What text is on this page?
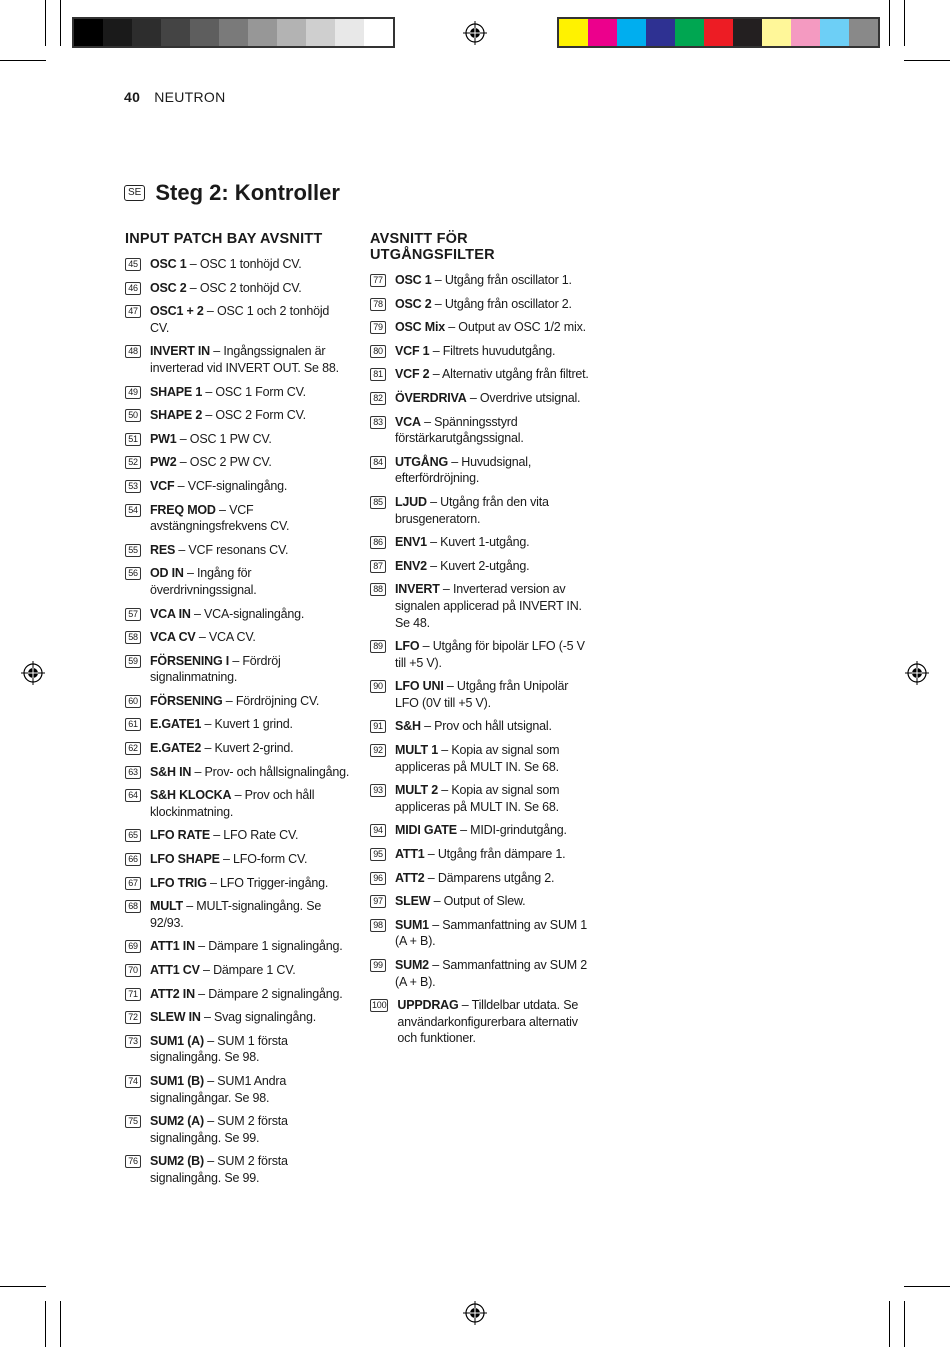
40 NEUTRON
SE Steg 2: Kontroller
INPUT PATCH BAY AVSNITT
45 OSC 1 – OSC 1 tonhöjd CV.
46 OSC 2 – OSC 2 tonhöjd CV.
47 OSC1 + 2 – OSC 1 och 2 tonhöjd CV.
48 INVERT IN – Ingångssignalen är inverterad vid INVERT OUT. Se 88.
49 SHAPE 1 – OSC 1 Form CV.
50 SHAPE 2 – OSC 2 Form CV.
51 PW1 – OSC 1 PW CV.
52 PW2 – OSC 2 PW CV.
53 VCF – VCF-signalingång.
54 FREQ MOD – VCF avstängningsfrekvens CV.
55 RES – VCF resonans CV.
56 OD IN – Ingång för överdrivningssignal.
57 VCA IN – VCA-signalingång.
58 VCA CV – VCA CV.
59 FÖRSENING I – Fördröj signalinmatning.
60 FÖRSENING – Fördröjning CV.
61 E.GATE1 – Kuvert 1 grind.
62 E.GATE2 – Kuvert 2-grind.
63 S&H IN – Prov- och hållsignalingång.
64 S&H KLOCKA – Prov och håll klockinmatning.
65 LFO RATE – LFO Rate CV.
66 LFO SHAPE – LFO-form CV.
67 LFO TRIG – LFO Trigger-ingång.
68 MULT – MULT-signalingång. Se 92/93.
69 ATT1 IN – Dämpare 1 signalingång.
70 ATT1 CV – Dämpare 1 CV.
71 ATT2 IN – Dämpare 2 signalingång.
72 SLEW IN – Svag signalingång.
73 SUM1 (A) – SUM 1 första signalingång. Se 98.
74 SUM1 (B) – SUM1 Andra signalingångar. Se 98.
75 SUM2 (A) – SUM 2 första signalingång. Se 99.
76 SUM2 (B) – SUM 2 första signalingång. Se 99.
AVSNITT FÖR UTGÅNGSFILTER
77 OSC 1 – Utgång från oscillator 1.
78 OSC 2 – Utgång från oscillator 2.
79 OSC Mix – Output av OSC 1/2 mix.
80 VCF 1 – Filtrets huvudutgång.
81 VCF 2 – Alternativ utgång från filtret.
82 ÖVERDRIVA – Overdrive utsignal.
83 VCA – Spänningsstyrd förstärkarutgångssignal.
84 UTGÅNG – Huvudsignal, efterfördröjning.
85 LJUD – Utgång från den vita brusgeneratorn.
86 ENV1 – Kuvert 1-utgång.
87 ENV2 – Kuvert 2-utgång.
88 INVERT – Inverterad version av signalen applicerad på INVERT IN. Se 48.
89 LFO – Utgång för bipolär LFO (-5 V till +5 V).
90 LFO UNI – Utgång från Unipolär LFO (0V till +5 V).
91 S&H – Prov och håll utsignal.
92 MULT 1 – Kopia av signal som appliceras på MULT IN. Se 68.
93 MULT 2 – Kopia av signal som appliceras på MULT IN. Se 68.
94 MIDI GATE – MIDI-grindutgång.
95 ATT1 – Utgång från dämpare 1.
96 ATT2 – Dämparens utgång 2.
97 SLEW – Output of Slew.
98 SUM1 – Sammanfattning av SUM 1 (A + B).
99 SUM2 – Sammanfattning av SUM 2 (A + B).
100 UPPDRAG – Tilldelbar utdata. Se användarkonfigurerbara alternativ och funktioner.
